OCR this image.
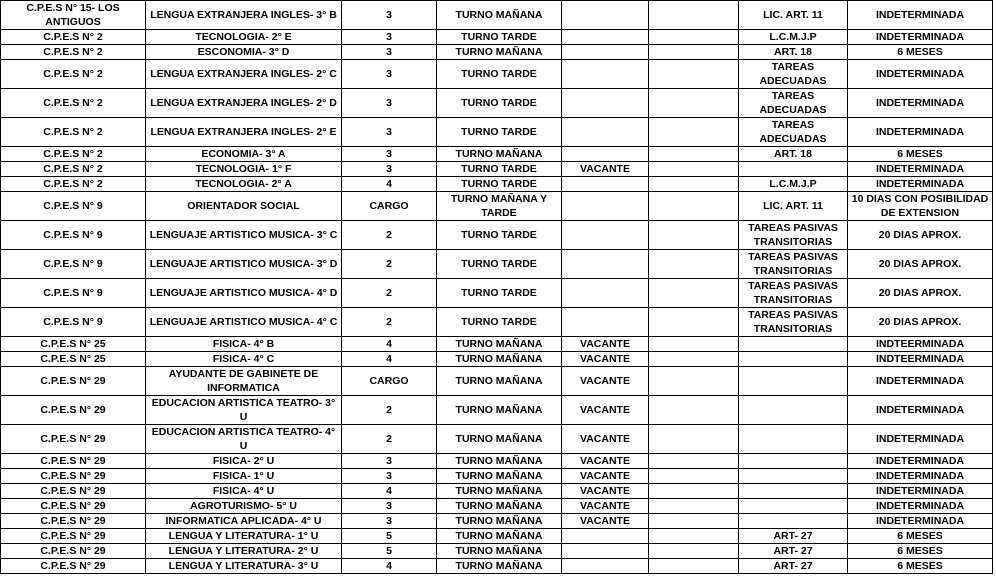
C.P.E.S N° 15- LOS ANTIGUOS	LENGUA EXTRANJERA INGLES- 3° B	3	TURNO MAÑANA			LIC. ART. 11	INDETERMINADA
C.P.E.S N° 2	TECNOLOGIA- 2° E	3	TURNO TARDE			L.C.M.J.P	INDETERMINADA
C.P.E.S N° 2	ESCONOMIA- 3° D	3	TURNO MAÑANA			ART. 18	6 MESES
C.P.E.S N° 2	LENGUA EXTRANJERA INGLES- 2° C	3	TURNO TARDE			TAREAS ADECUADAS	INDETERMINADA
C.P.E.S N° 2	LENGUA EXTRANJERA INGLES- 2° D	3	TURNO TARDE			TAREAS ADECUADAS	INDETERMINADA
C.P.E.S N° 2	LENGUA EXTRANJERA INGLES- 2° E	3	TURNO TARDE			TAREAS ADECUADAS	INDETERMINADA
C.P.E.S N° 2	ECONOMIA- 3° A	3	TURNO MAÑANA			ART. 18	6 MESES
C.P.E.S N° 2	TECNOLOGIA- 1° F	3	TURNO TARDE	VACANTE			INDETERMINADA
C.P.E.S N° 2	TECNOLOGIA- 2° A	4	TURNO TARDE			L.C.M.J.P	INDETERMINADA
C.P.E.S N° 9	ORIENTADOR SOCIAL	CARGO	TURNO MAÑANA Y TARDE			LIC. ART. 11	10 DIAS CON POSIBILIDAD DE EXTENSION
C.P.E.S N° 9	LENGUAJE ARTISTICO MUSICA- 3° C	2	TURNO TARDE			TAREAS PASIVAS TRANSITORIAS	20 DIAS APROX.
C.P.E.S N° 9	LENGUAJE ARTISTICO MUSICA- 3° D	2	TURNO TARDE			TAREAS PASIVAS TRANSITORIAS	20 DIAS APROX.
C.P.E.S N° 9	LENGUAJE ARTISTICO MUSICA- 4° D	2	TURNO TARDE			TAREAS PASIVAS TRANSITORIAS	20 DIAS APROX.
C.P.E.S N° 9	LENGUAJE ARTISTICO MUSICA- 4° C	2	TURNO TARDE			TAREAS PASIVAS TRANSITORIAS	20 DIAS APROX.
C.P.E.S N° 25	FISICA- 4° B	4	TURNO MAÑANA	VACANTE			INDTEERMINADA
C.P.E.S N° 25	FISICA- 4° C	4	TURNO MAÑANA	VACANTE			INDTEERMINADA
C.P.E.S N° 29	AYUDANTE DE GABINETE DE INFORMATICA	CARGO	TURNO MAÑANA	VACANTE			INDETERMINADA
C.P.E.S N° 29	EDUCACION ARTISTICA TEATRO- 3° U	2	TURNO MAÑANA	VACANTE			INDETERMINADA
C.P.E.S N° 29	EDUCACION ARTISTICA TEATRO- 4° U	2	TURNO MAÑANA	VACANTE			INDETERMINADA
C.P.E.S N° 29	FISICA- 2° U	3	TURNO MAÑANA	VACANTE			INDETERMINADA
C.P.E.S N° 29	FISICA- 1° U	3	TURNO MAÑANA	VACANTE			INDETERMINADA
C.P.E.S N° 29	FISICA- 4° U	4	TURNO MAÑANA	VACANTE			INDETERMINADA
C.P.E.S N° 29	AGROTURISMO- 5° U	3	TURNO MAÑANA	VACANTE			INDETERMINADA
C.P.E.S N° 29	INFORMATICA APLICADA- 4° U	3	TURNO MAÑANA	VACANTE			INDETERMINADA
C.P.E.S N° 29	LENGUA Y LITERATURA- 1° U	5	TURNO MAÑANA			ART- 27	6 MESES
C.P.E.S N° 29	LENGUA Y LITERATURA- 2° U	5	TURNO MAÑANA			ART- 27	6 MESES
C.P.E.S N° 29	LENGUA Y LITERATURA- 3° U	4	TURNO MAÑANA			ART- 27	6 MESES
